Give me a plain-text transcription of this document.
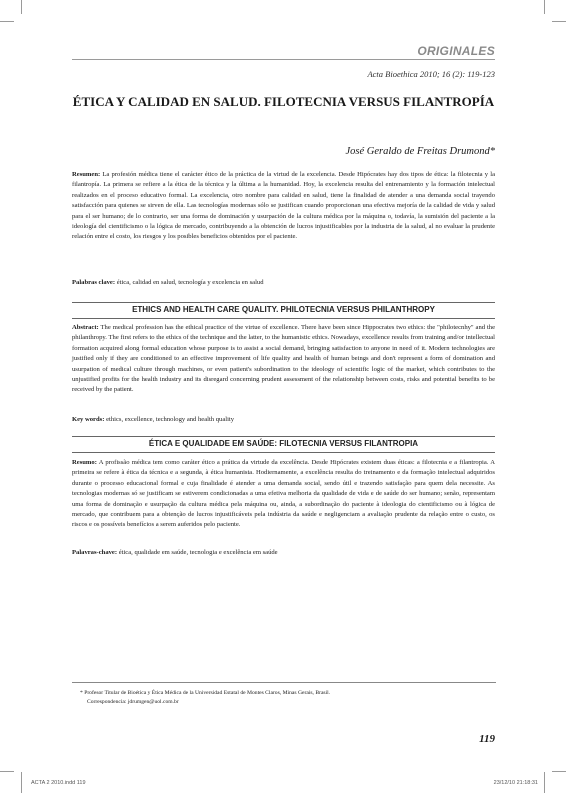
ORIGINALES
Acta Bioethica 2010; 16 (2): 119-123
ÉTICA Y CALIDAD EN SALUD. FILOTECNIA VERSUS FILANTROPÍA
José Geraldo de Freitas Drumond*
Resumen: La profesión médica tiene el carácter ético de la práctica de la virtud de la excelencia. Desde Hipócrates hay dos tipos de ética: la filotecnia y la filantropía. La primera se refiere a la ética de la técnica y la última a la humanidad. Hoy, la excelencia resulta del entrenamiento y la formación intelectual realizados en el proceso educativo formal. La excelencia, otro nombre para calidad en salud, tiene la finalidad de atender a una demanda social trayendo satisfacción para quienes se sirven de ella. Las tecnologías modernas sólo se justifican cuando proporcionan una efectiva mejoría de la calidad de vida y salud para el ser humano; de lo contrario, ser una forma de dominación y usurpación de la cultura médica por la máquina o, todavía, la sumisión del paciente a la ideología del cientificismo o la lógica de mercado, contribuyendo a la obtención de lucros injustificables por la industria de la salud, al no evaluar la prudente relación entre el costo, los riesgos y los posibles beneficios obtenidos por el paciente.
Palabras clave: ética, calidad en salud, tecnología y excelencia en salud
ETHICS AND HEALTH CARE QUALITY. PHILOTECNIA VERSUS PHILANTHROPY
Abstract: The medical profession has the ethical practice of the virtue of excellence. There have been since Hippocrates two ethics: the "philotecnhy" and the philanthropy. The first refers to the ethics of the technique and the latter, to the humanistic ethics. Nowadays, excellence results from training and/or intellectual formation acquired along formal education whose purpose is to assist a social demand, bringing satisfaction to anyone in need of it. Modern technologies are justified only if they are conditioned to an effective improvement of life quality and health of human beings and don't represent a form of domination and usurpation of medical culture through machines, or even patient's subordination to the ideology of scientific logic of the market, which contributes to the unjustified profits for the health industry and its disregard concerning prudent assessment of the relationship between costs, risks and potential benefits to be received by the patient.
Key words: ethics, excellence, technology and health quality
ÉTICA E QUALIDADE EM SAÚDE: FILOTECNIA VERSUS FILANTROPIA
Resumo: A profissão médica tem como caráter ético a prática da virtude da excelência. Desde Hipócrates existem duas éticas: a filotecnia e a filantropia. A primeira se refere à ética da técnica e a segunda, à ética humanista. Hodiernamente, a excelência resulta do treinamento e da formação intelectual adquiridos durante o processo educacional formal e cuja finalidade é atender a uma demanda social, sendo útil e trazendo satisfação para quem dela necessite. As tecnologias modernas só se justificam se estiverem condicionadas a uma efetiva melhoria da qualidade de vida e de saúde do ser humano; senão, representam uma forma de dominação e usurpação da cultura médica pela máquina ou, ainda, a subordinação do paciente à ideologia do cientificismo ou à lógica de mercado, que contribuem para a obtenção de lucros injustificáveis pela indústria da saúde e negligenciam a avaliação prudente da relação entre o custo, os riscos e os possíveis benefícios a serem auferidos pelo paciente.
Palavras-chave: ética, qualidade em saúde, tecnologia e excelência em saúde
* Profesor Titular de Bioética y Ética Médica de la Universidad Estatal de Montes Claros, Minas Gerais, Brasil.
Correspondencia: jdrumgen@uol.com.br
119
ACTA 2 2010.indd 119	23/12/10 21:18:31
